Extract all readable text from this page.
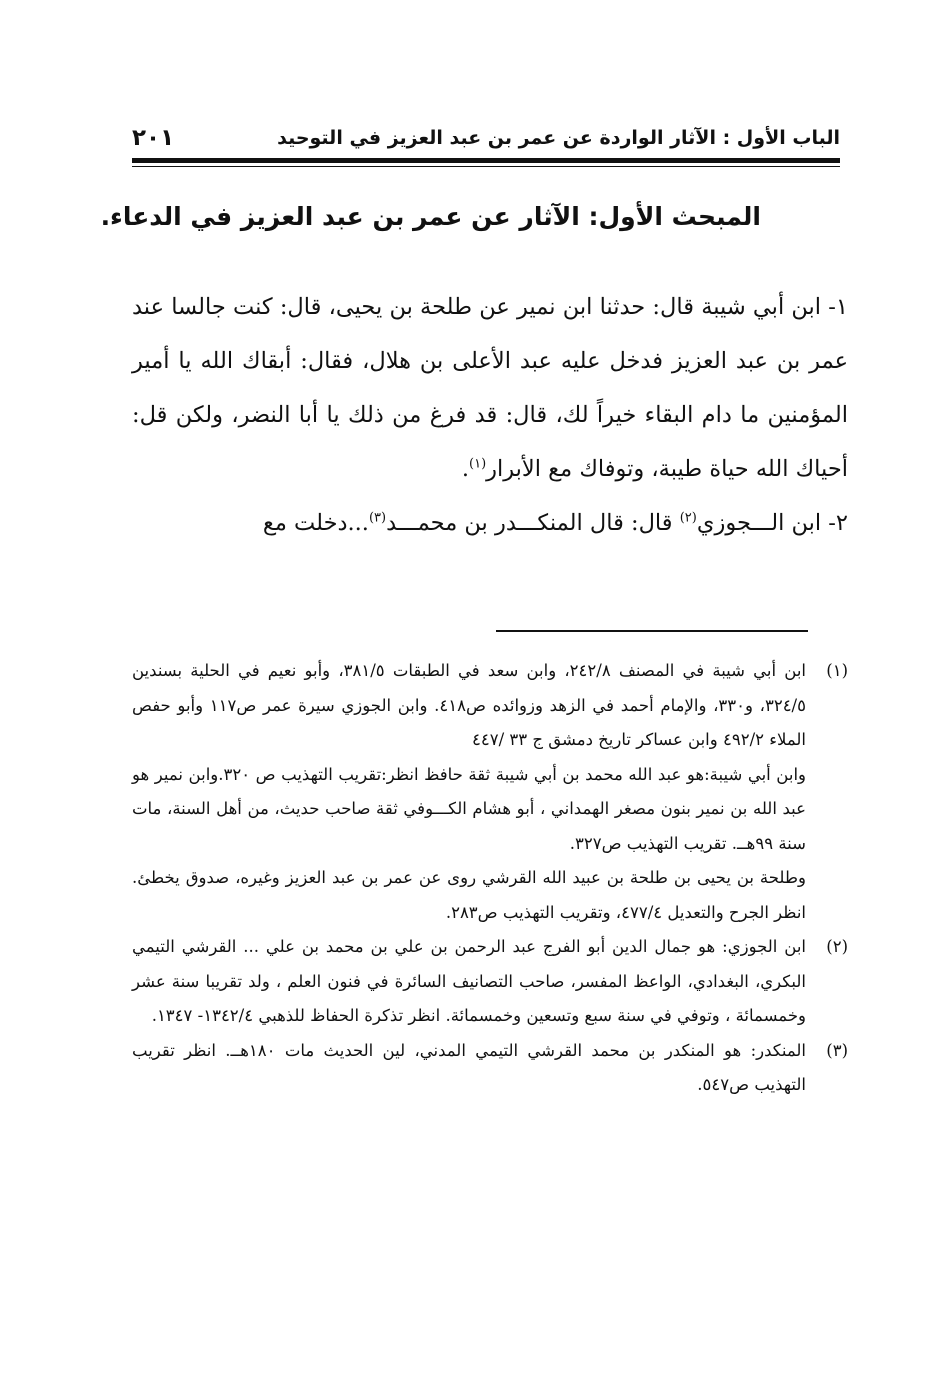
الباب الأول : الآثار الواردة عن عمر بن عبد العزيز في التوحيد
٢٠١
المبحث الأول: الآثار عن عمر بن عبد العزيز في الدعاء.

١- ابن أبي شيبة قال: حدثنا ابن نمير عن طلحة بن يحيى، قال: كنت جالسا عند عمر بن عبد العزيز فدخل عليه عبد الأعلى بن هلال، فقال: أبقاك الله يا أمير المؤمنين ما دام البقاء خيراً لك، قال: قد فرغ من ذلك يا أبا النضر، ولكن قل: أحياك الله حياة طيبة، وتوفاك مع الأبرار$^{(١)}$.

٢- ابن الـــجوزي$^{(٢)}$ قال: قال المنكـــدر بن محمـــد$^{(٣)}$...دخلت مع

(١)

ابن أبي شيبة في المصنف ٢٤٢/٨، وابن سعد في الطبقات ٣٨١/٥، وأبو نعيم في الحلية بسندين ٣٢٤/٥، و٣٣٠، والإمام أحمد في الزهد وزوائده ص٤١٨. وابن الجوزي سيرة عمر ص١١٧ وأبو حفص الملاء ٤٩٢/٢ وابن عساكر تاريخ دمشق ج ٣٣ /٤٤٧

وابن أبي شيبة:هو عبد الله محمد بن أبي شيبة ثقة حافظ انظر:تقريب التهذيب ص ٣٢٠.وابن نمير هو عبد الله بن نمير بنون مصغر الهمداني ، أبو هشام الكـــوفي ثقة صاحب حديث، من أهل السنة، مات سنة ٩٩هــ. تقريب التهذيب ص٣٢٧.

وطلحة بن يحيى بن طلحة بن عبيد الله القرشي روى عن عمر بن عبد العزيز وغيره، صدوق يخطئ. انظر الجرح والتعديل ٤٧٧/٤، وتقريب التهذيب ص٢٨٣.

(٢)

ابن الجوزي: هو جمال الدين أبو الفرج عبد الرحمن بن علي بن محمد بن علي ... القرشي التيمي البكري، البغدادي، الواعظ المفسر، صاحب التصانيف السائرة في فنون العلم ، ولد تقريبا سنة عشر وخمسمائة ، وتوفي في سنة سبع وتسعين وخمسمائة. انظر تذكرة الحفاظ للذهبي ١٣٤٢/٤- ١٣٤٧.

(٣)

المنكدر: هو المنكدر بن محمد القرشي التيمي المدني، لين الحديث مات ١٨٠هــ. انظر تقريب التهذيب ص٥٤٧.
